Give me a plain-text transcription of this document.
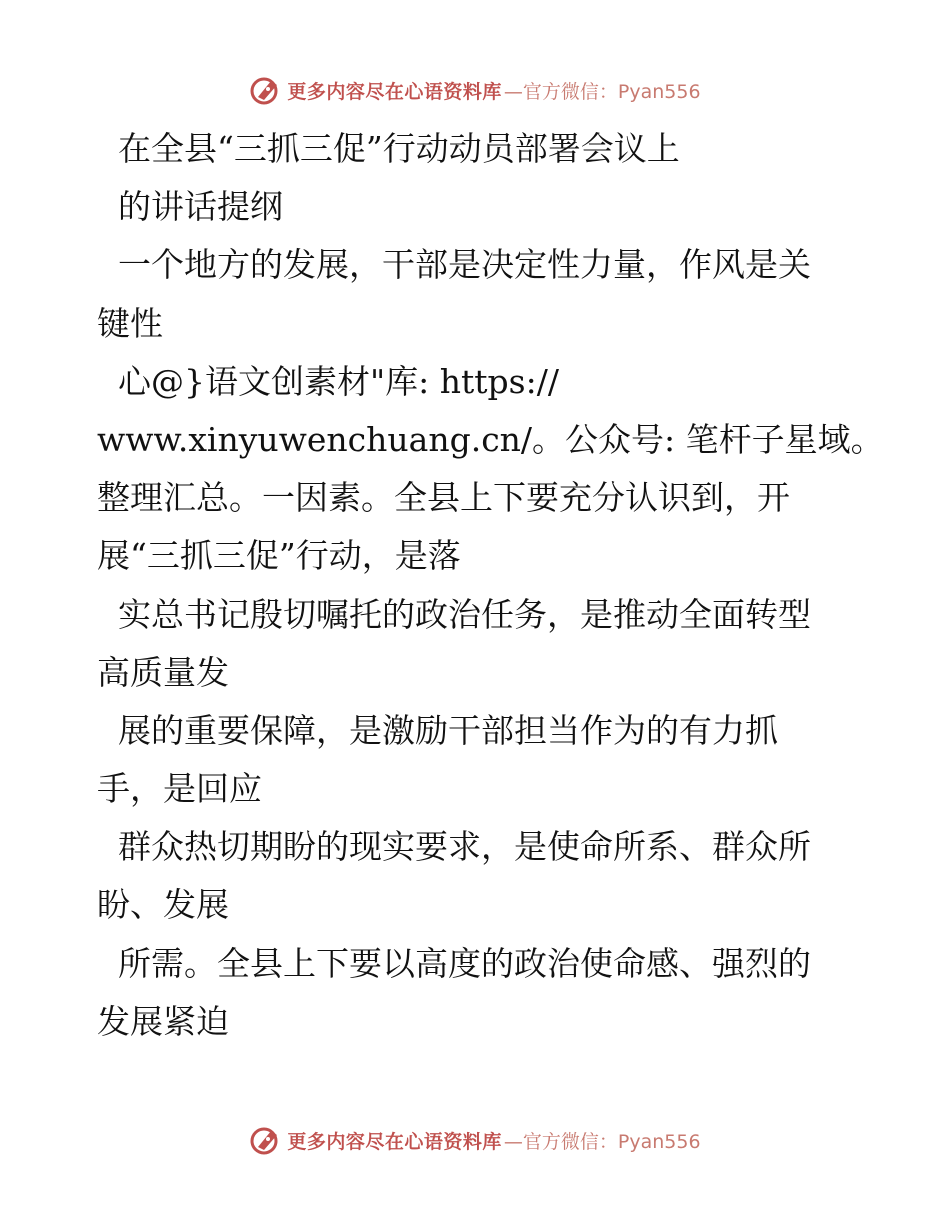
更多内容尽在心语资料库 —官方微信：Pyan556
在全县“三抓三促”行动动员部署会议上
的讲话提纲
一个地方的发展，干部是决定性力量，作风是关
键性
心@}语文创素材"库: https://
www.xinyuwenchuang.cn/。公众号: 笔杆子星域。
整理汇总。一因素。全县上下要充分认识到，开
展“三抓三促”行动，是落
实总书记殷切嘱托的政治任务，是推动全面转型
高质量发
展的重要保障，是激励干部担当作为的有力抓
手，是回应
群众热切期盼的现实要求，是使命所系、群众所
盼、发展
所需。全县上下要以高度的政治使命感、强烈的
发展紧迫
更多内容尽在心语资料库 —官方微信：Pyan556
